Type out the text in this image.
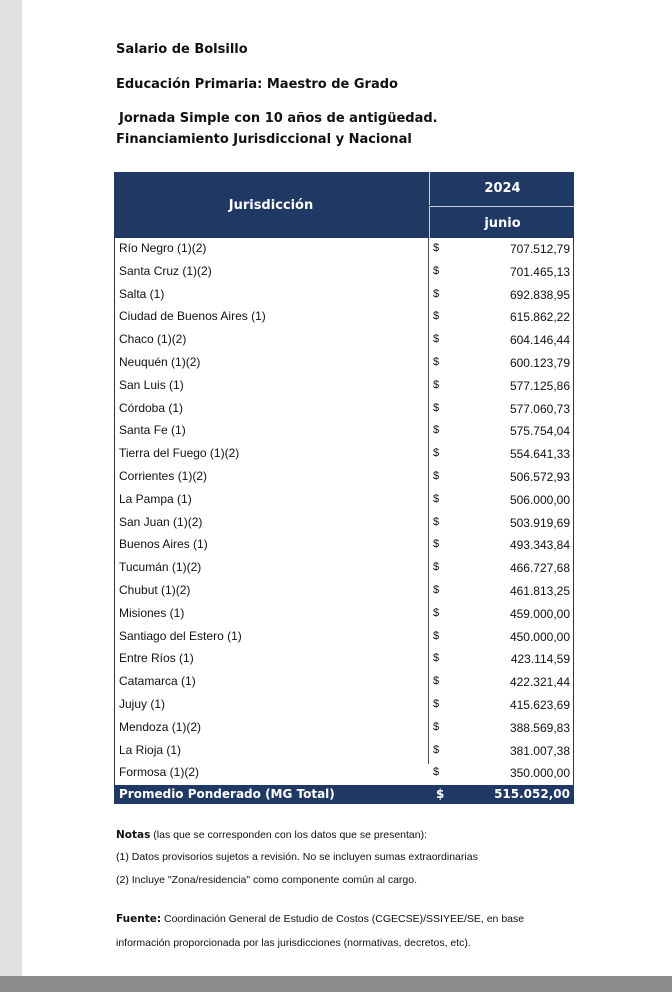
Salario de Bolsillo
Educación Primaria: Maestro de Grado
Jornada Simple con 10 años de antigüedad.
Financiamiento Jurisdiccional y Nacional
Jurisdicción
2024
junio
Río Negro (1)(2)	$	707.512,79
Santa Cruz (1)(2)	$	701.465,13
Salta (1)	$	692.838,95
Ciudad de Buenos Aires (1)	$	615.862,22
Chaco (1)(2)	$	604.146,44
Neuquén (1)(2)	$	600.123,79
San Luis (1)	$	577.125,86
Córdoba (1)	$	577.060,73
Santa Fe (1)	$	575.754,04
Tierra del Fuego (1)(2)	$	554.641,33
Corrientes (1)(2)	$	506.572,93
La Pampa (1)	$	506.000,00
San Juan (1)(2)	$	503.919,69
Buenos Aires (1)	$	493.343,84
Tucumán (1)(2)	$	466.727,68
Chubut (1)(2)	$	461.813,25
Misiones (1)	$	459.000,00
Santiago del Estero (1)	$	450.000,00
Entre Ríos (1)	$	423.114,59
Catamarca (1)	$	422.321,44
Jujuy (1)	$	415.623,69
Mendoza (1)(2)	$	388.569,83
La Rioja (1)	$	381.007,38
Formosa (1)(2)	$	350.000,00
Promedio Ponderado (MG Total)	$	515.052,00
Notas (las que se corresponden con los datos que se presentan):
(1) Datos provisorios sujetos a revisión. No se incluyen sumas extraordinarias
(2) Incluye "Zona/residencia" como componente común al cargo.
Fuente: Coordinación General de Estudio de Costos (CGECSE)/SSIYEE/SE, en base
información proporcionada por las jurisdicciones (normativas, decretos, etc).
